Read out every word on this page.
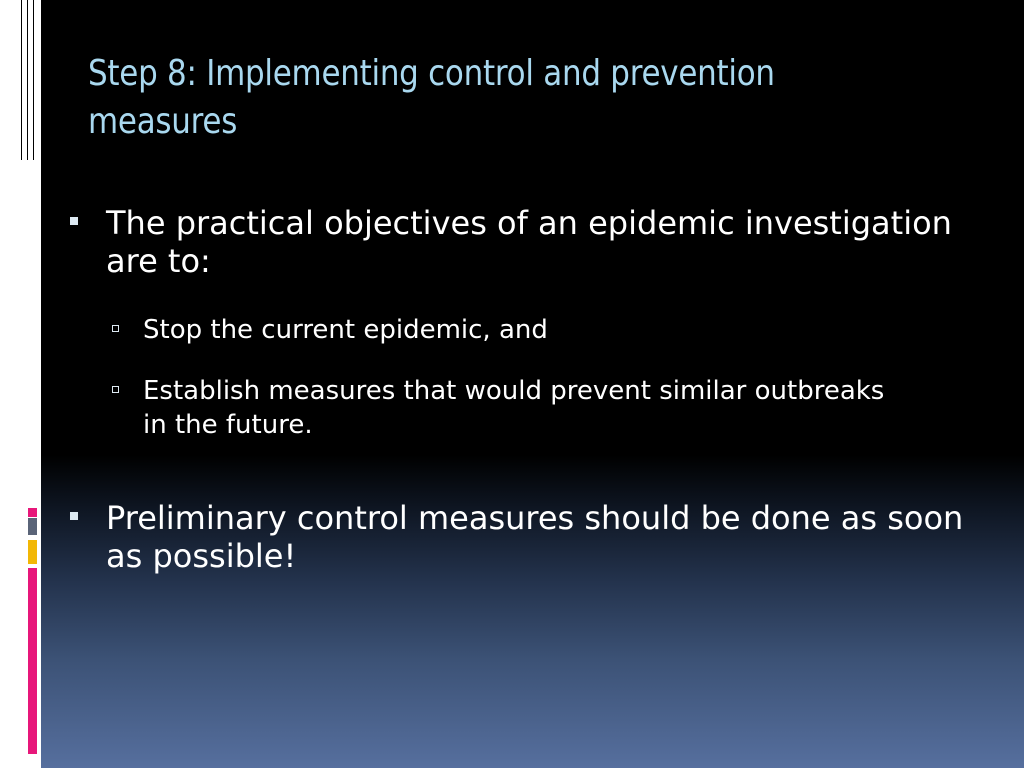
Step 8: Implementing control and prevention measures
The practical objectives of an epidemic investigation are to:
Stop the current epidemic, and
Establish measures that would prevent similar outbreaks in the future.
Preliminary control measures should be done as soon as possible!
